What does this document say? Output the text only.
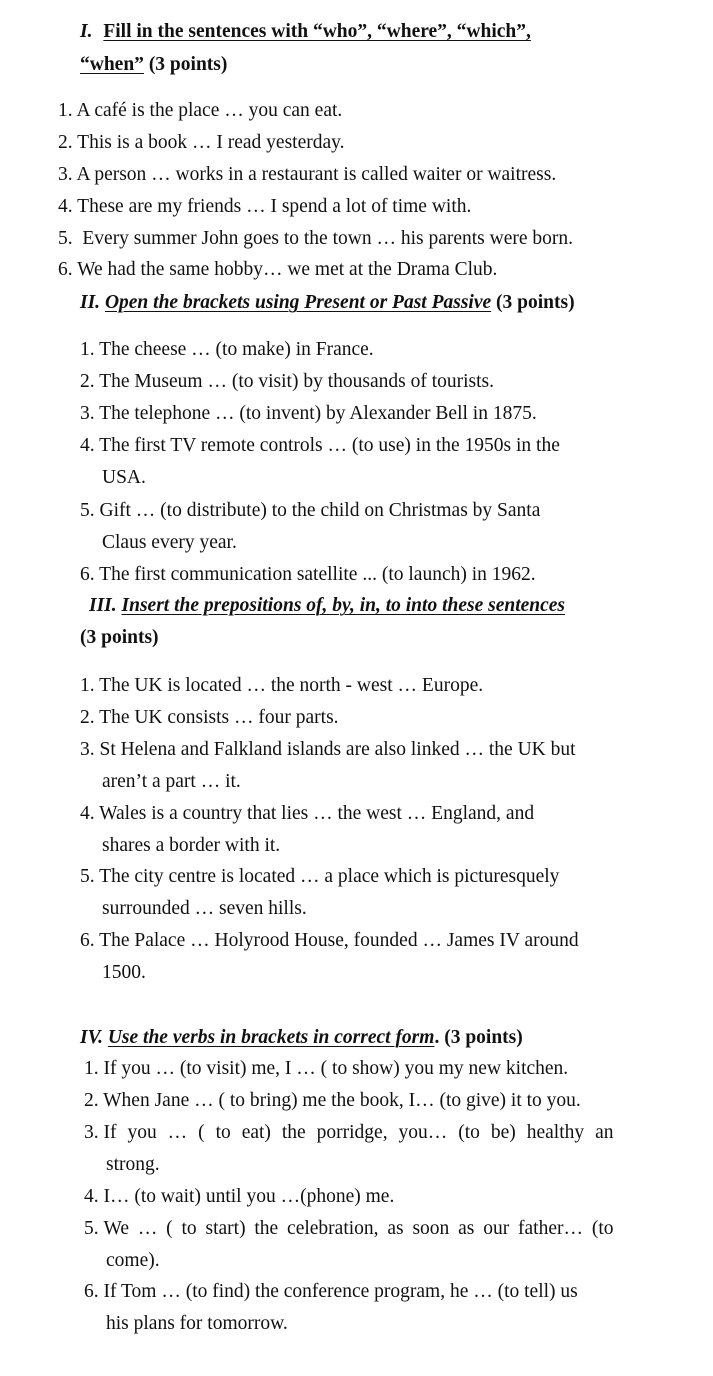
I. Fill in the sentences with “who”, “where”, “which”,
“when” (3 points)
1. A café is the place … you can eat.
2. This is a book … I read yesterday.
3. A person … works in a restaurant is called waiter or waitress.
4. These are my friends … I spend a lot of time with.
5. Every summer John goes to the town … his parents were born.
6. We had the same hobby… we met at the Drama Club.
II. Open the brackets using Present or Past Passive (3 points)
1. The cheese … (to make) in France.
2. The Museum … (to visit) by thousands of tourists.
3. The telephone … (to invent) by Alexander Bell in 1875.
4. The first TV remote controls … (to use) in the 1950s in the
USA.
5. Gift … (to distribute) to the child on Christmas by Santa
Claus every year.
6. The first communication satellite ... (to launch) in 1962.
III. Insert the prepositions of, by, in, to into these sentences
(3 points)
1. The UK is located … the north - west … Europe.
2. The UK consists … four parts.
3. St Helena and Falkland islands are also linked … the UK but
aren’t a part … it.
4. Wales is a country that lies … the west … England, and
shares a border with it.
5. The city centre is located … a place which is picturesquely
surrounded … seven hills.
6. The Palace … Holyrood House, founded … James IV around
1500.
IV. Use the verbs in brackets in correct form. (3 points)
1. If you … (to visit) me, I … ( to show) you my new kitchen.
2. When Jane … ( to bring) me the book, I… (to give) it to you.
3. If you … ( to eat) the porridge, you… (to be) healthy an
strong.
4. I… (to wait) until you …(phone) me.
5. We … ( to start) the celebration, as soon as our father… (to
come).
6. If Tom … (to find) the conference program, he … (to tell) us
his plans for tomorrow.
